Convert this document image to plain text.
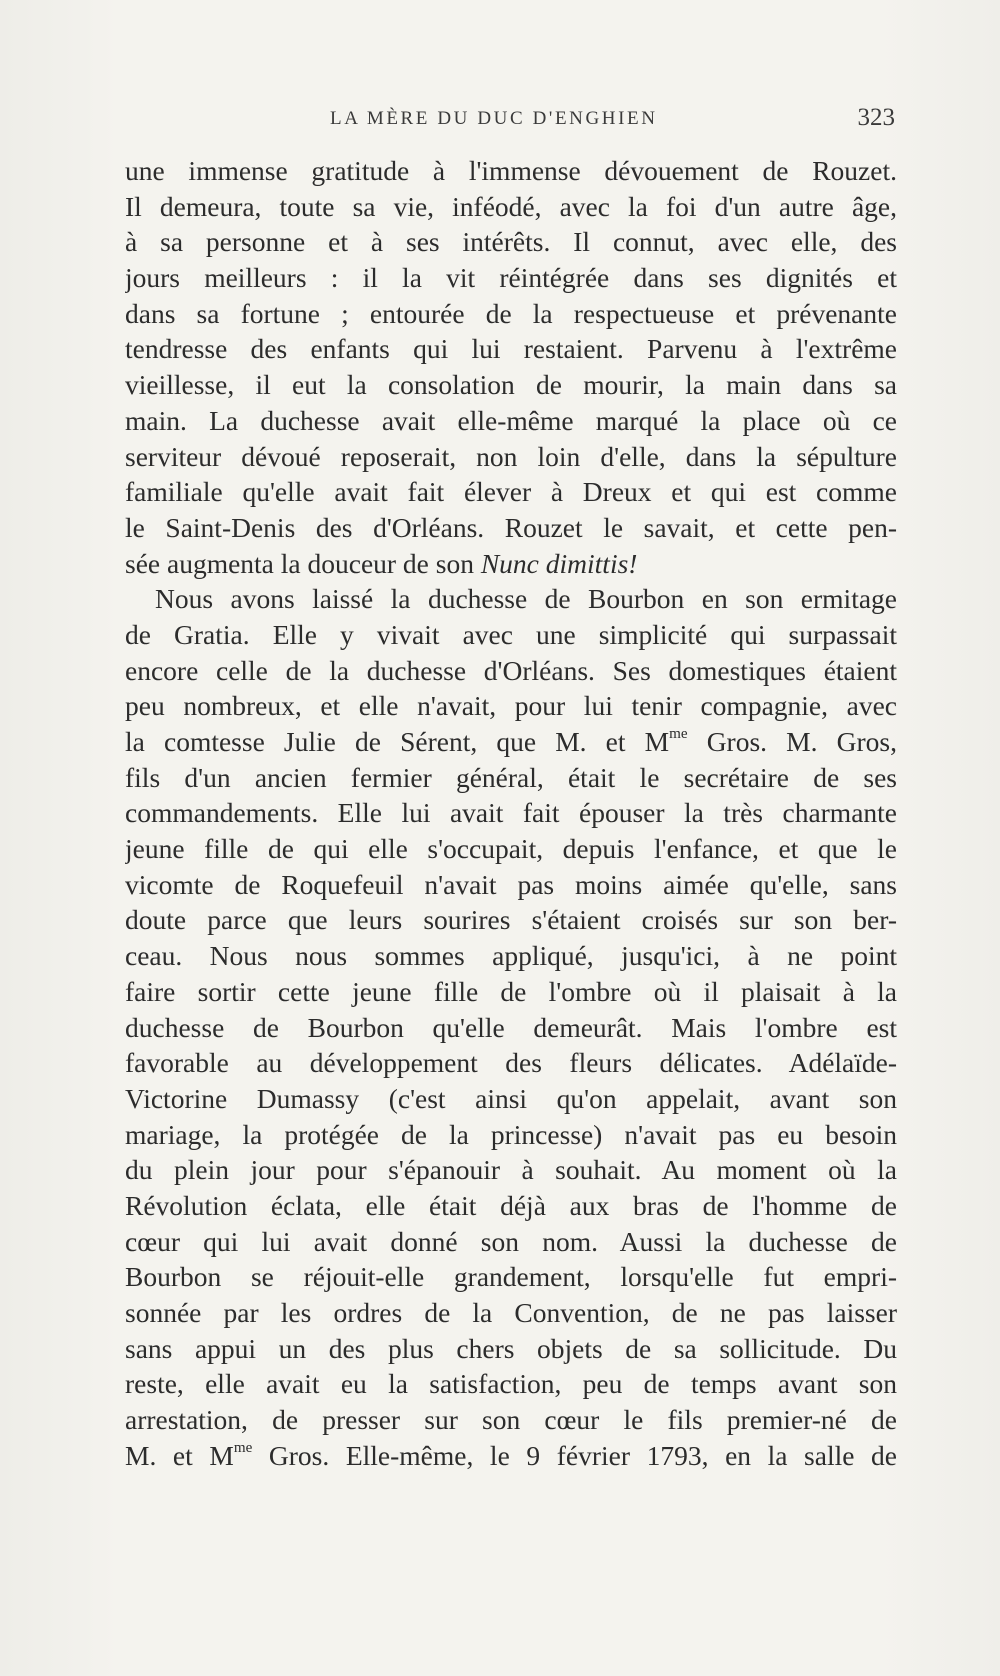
LA MÈRE DU DUC D'ENGHIEN	323
une immense gratitude à l'immense dévouement de Rouzet.
Il demeura, toute sa vie, inféodé, avec la foi d'un autre âge,
à sa personne et à ses intérêts. Il connut, avec elle, des
jours meilleurs : il la vit réintégrée dans ses dignités et
dans sa fortune ; entourée de la respectueuse et prévenante
tendresse des enfants qui lui restaient. Parvenu à l'extrême
vieillesse, il eut la consolation de mourir, la main dans sa
main. La duchesse avait elle-même marqué la place où ce
serviteur dévoué reposerait, non loin d'elle, dans la sépulture
familiale qu'elle avait fait élever à Dreux et qui est comme
le Saint-Denis des d'Orléans. Rouzet le savait, et cette pen-
sée augmenta la douceur de son Nunc dimittis!
Nous avons laissé la duchesse de Bourbon en son ermitage
de Gratia. Elle y vivait avec une simplicité qui surpassait
encore celle de la duchesse d'Orléans. Ses domestiques étaient
peu nombreux, et elle n'avait, pour lui tenir compagnie, avec
la comtesse Julie de Sérent, que M. et $M^{me}$ Gros. M. Gros,
fils d'un ancien fermier général, était le secrétaire de ses
commandements. Elle lui avait fait épouser la très charmante
jeune fille de qui elle s'occupait, depuis l'enfance, et que le
vicomte de Roquefeuil n'avait pas moins aimée qu'elle, sans
doute parce que leurs sourires s'étaient croisés sur son ber-
ceau. Nous nous sommes appliqué, jusqu'ici, à ne point
faire sortir cette jeune fille de l'ombre où il plaisait à la
duchesse de Bourbon qu'elle demeurât. Mais l'ombre est
favorable au développement des fleurs délicates. Adélaïde-
Victorine Dumassy (c'est ainsi qu'on appelait, avant son
mariage, la protégée de la princesse) n'avait pas eu besoin
du plein jour pour s'épanouir à souhait. Au moment où la
Révolution éclata, elle était déjà aux bras de l'homme de
cœur qui lui avait donné son nom. Aussi la duchesse de
Bourbon se réjouit-elle grandement, lorsqu'elle fut empri-
sonnée par les ordres de la Convention, de ne pas laisser
sans appui un des plus chers objets de sa sollicitude. Du
reste, elle avait eu la satisfaction, peu de temps avant son
arrestation, de presser sur son cœur le fils premier-né de
M. et $M^{me}$ Gros. Elle-même, le 9 février 1793, en la salle de
